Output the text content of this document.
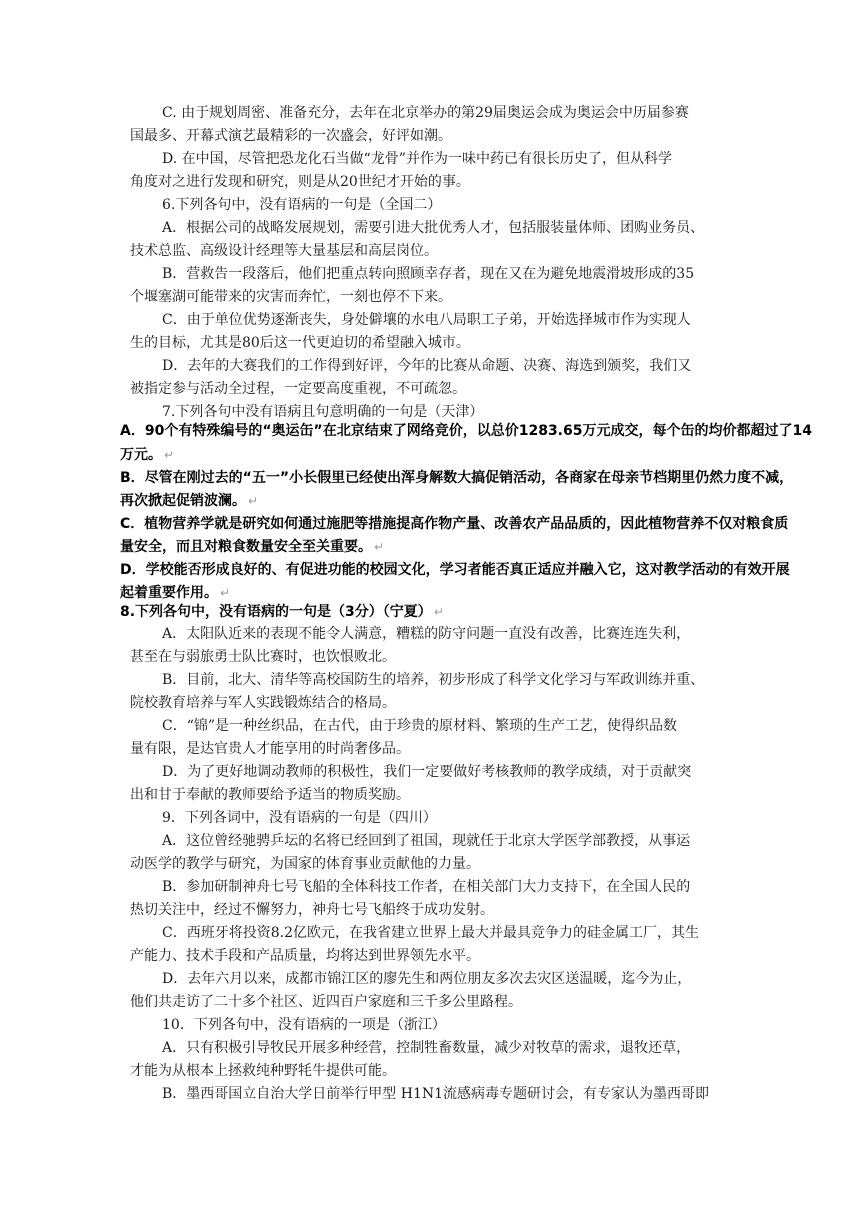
C. 由于规划周密、准备充分，去年在北京举办的第29届奥运会成为奥运会中历届参赛
国最多、开幕式演艺最精彩的一次盛会，好评如潮。
D. 在中国，尽管把恐龙化石当做“龙骨”并作为一味中药已有很长历史了，但从科学
角度对之进行发现和研究，则是从20世纪才开始的事。
6.下列各句中，没有语病的一句是（全国二）
A．根据公司的战略发展规划，需要引进大批优秀人才，包括服装量体师、团购业务员、
技术总监、高级设计经理等大量基层和高层岗位。
B．营救告一段落后，他们把重点转向照顾幸存者，现在又在为避免地震滑坡形成的35
个堰塞湖可能带来的灾害而奔忙，一刻也停不下来。
C．由于单位优势逐渐丧失，身处僻壤的水电八局职工子弟，开始选择城市作为实现人
生的目标，尤其是80后这一代更迫切的希望融入城市。
D．去年的大赛我们的工作得到好评，今年的比赛从命题、决赛、海选到颁奖，我们又
被指定参与活动全过程，一定要高度重视，不可疏忽。
7.下列各句中没有语病且句意明确的一句是（天津）
A．90个有特殊编号的“奥运缶”在北京结束了网络竞价，以总价1283.65万元成交，每个缶的均价都超过了14
万元。 ↵
B．尽管在刚过去的“五一”小长假里已经使出浑身解数大搞促销活动，各商家在母亲节档期里仍然力度不减，
再次掀起促销波澜。 ↵
C．植物营养学就是研究如何通过施肥等措施提高作物产量、改善农产品品质的，因此植物营养不仅对粮食质
量安全，而且对粮食数量安全至关重要。 ↵
D．学校能否形成良好的、有促进功能的校园文化，学习者能否真正适应并融入它，这对教学活动的有效开展
起着重要作用。 ↵
8.下列各句中，没有语病的一句是（3分）（宁夏） ↵
A．太阳队近来的表现不能令人满意，糟糕的防守问题一直没有改善，比赛连连失利，
甚至在与弱旅勇士队比赛时，也饮恨败北。
B．目前，北大、清华等高校国防生的培养，初步形成了科学文化学习与军政训练并重、
院校教育培养与军人实践锻炼结合的格局。
C．“锦”是一种丝织品，在古代，由于珍贵的原材料、繁琐的生产工艺，使得织品数
量有限，是达官贵人才能享用的时尚奢侈品。
D．为了更好地调动教师的积极性，我们一定要做好考核教师的教学成绩，对于贡献突
出和甘于奉献的教师要给予适当的物质奖励。
9．下列各词中，没有语病的一句是（四川）
A．这位曾经驰骋乒坛的名将已经回到了祖国，现就任于北京大学医学部教授，从事运
动医学的教学与研究，为国家的体育事业贡献他的力量。
B．参加研制神舟七号飞船的全体科技工作者，在相关部门大力支持下，在全国人民的
热切关注中，经过不懈努力，神舟七号飞船终于成功发射。
C．西班牙将投资8.2亿欧元，在我省建立世界上最大并最具竞争力的硅金属工厂，其生
产能力、技术手段和产品质量，均将达到世界领先水平。
D．去年六月以来，成都市锦江区的廖先生和两位朋友多次去灾区送温暖，迄今为止，
他们共走访了二十多个社区、近四百户家庭和三千多公里路程。
10．下列各句中，没有语病的一项是（浙江）
A．只有积极引导牧民开展多种经营，控制牲畜数量，减少对牧草的需求，退牧还草，
才能为从根本上拯救纯种野牦牛提供可能。
B．墨西哥国立自治大学日前举行甲型 H1N1流感病毒专题研讨会，有专家认为墨西哥即
